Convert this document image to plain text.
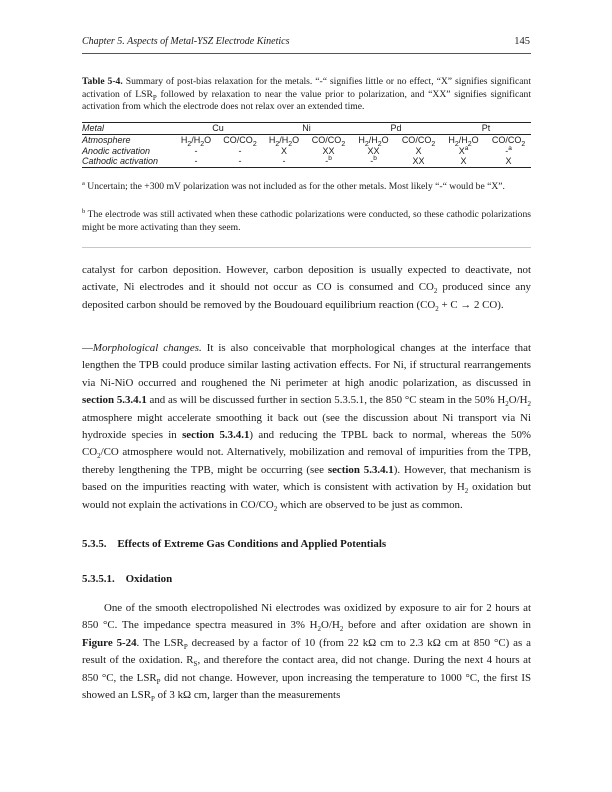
Chapter 5. Aspects of Metal-YSZ Electrode Kinetics	145
Table 5-4. Summary of post-bias relaxation for the metals. “-“ signifies little or no effect, “X” signifies significant activation of $LSR_P$ followed by relaxation to near the value prior to polarization, and “XX” signifies significant activation from which the electrode does not relax over an extended time.
Metal	Cu		Ni		Pd		Pt	
Atmosphere	$H_2/H_2O$	$CO/CO_2$	$H_2/H_2O$	$CO/CO_2$	$H_2/H_2O$	$CO/CO_2$	$H_2/H_2O$	$CO/CO_2$
Anodic activation	-	-	X	XX	XX	X	$X^a$	-$^a$
Cathodic activation	-	-	-	-$^b$	-$^b$	XX	X	X
$^a$ Uncertain; the +300 mV polarization was not included as for the other metals. Most likely “-“ would be “X”.
$^b$ The electrode was still activated when these cathodic polarizations were conducted, so these cathodic polarizations might be more activating than they seem.
catalyst for carbon deposition. However, carbon deposition is usually expected to deactivate, not activate, Ni electrodes and it should not occur as CO is consumed and $CO_2$ produced since any deposited carbon should be removed by the Boudouard equilibrium reaction ($CO_2 + C \to 2$ CO).
—Morphological changes. It is also conceivable that morphological changes at the interface that lengthen the TPB could produce similar lasting activation effects. For Ni, if structural rearrangements via Ni-NiO occurred and roughened the Ni perimeter at high anodic polarization, as discussed in section 5.3.4.1 and as will be discussed further in section 5.3.5.1, the 850 °C steam in the 50% $H_2O/H_2$ atmosphere might accelerate smoothing it back out (see the discussion about Ni transport via Ni hydroxide species in section 5.3.4.1) and reducing the TPBL back to normal, whereas the 50% $CO_2/CO$ atmosphere would not. Alternatively, mobilization and removal of impurities from the TPB, thereby lengthening the TPB, might be occurring (see section 5.3.4.1). However, that mechanism is based on the impurities reacting with water, which is consistent with activation by $H_2$ oxidation but would not explain the activations in $CO/CO_2$ which are observed to be just as common.
5.3.5.    Effects of Extreme Gas Conditions and Applied Potentials
5.3.5.1.    Oxidation
One of the smooth electropolished Ni electrodes was oxidized by exposure to air for 2 hours at 850 °C. The impedance spectra measured in 3% $H_2O/H_2$ before and after oxidation are shown in Figure 5-24. The $LSR_P$ decreased by a factor of 10 (from 22 kΩ cm to 2.3 kΩ cm at 850 °C) as a result of the oxidation. $R_S$, and therefore the contact area, did not change. During the next 4 hours at 850 °C, the $LSR_P$ did not change. However, upon increasing the temperature to 1000 °C, the first IS showed an $LSR_P$ of 3 kΩ cm, larger than the measurements
